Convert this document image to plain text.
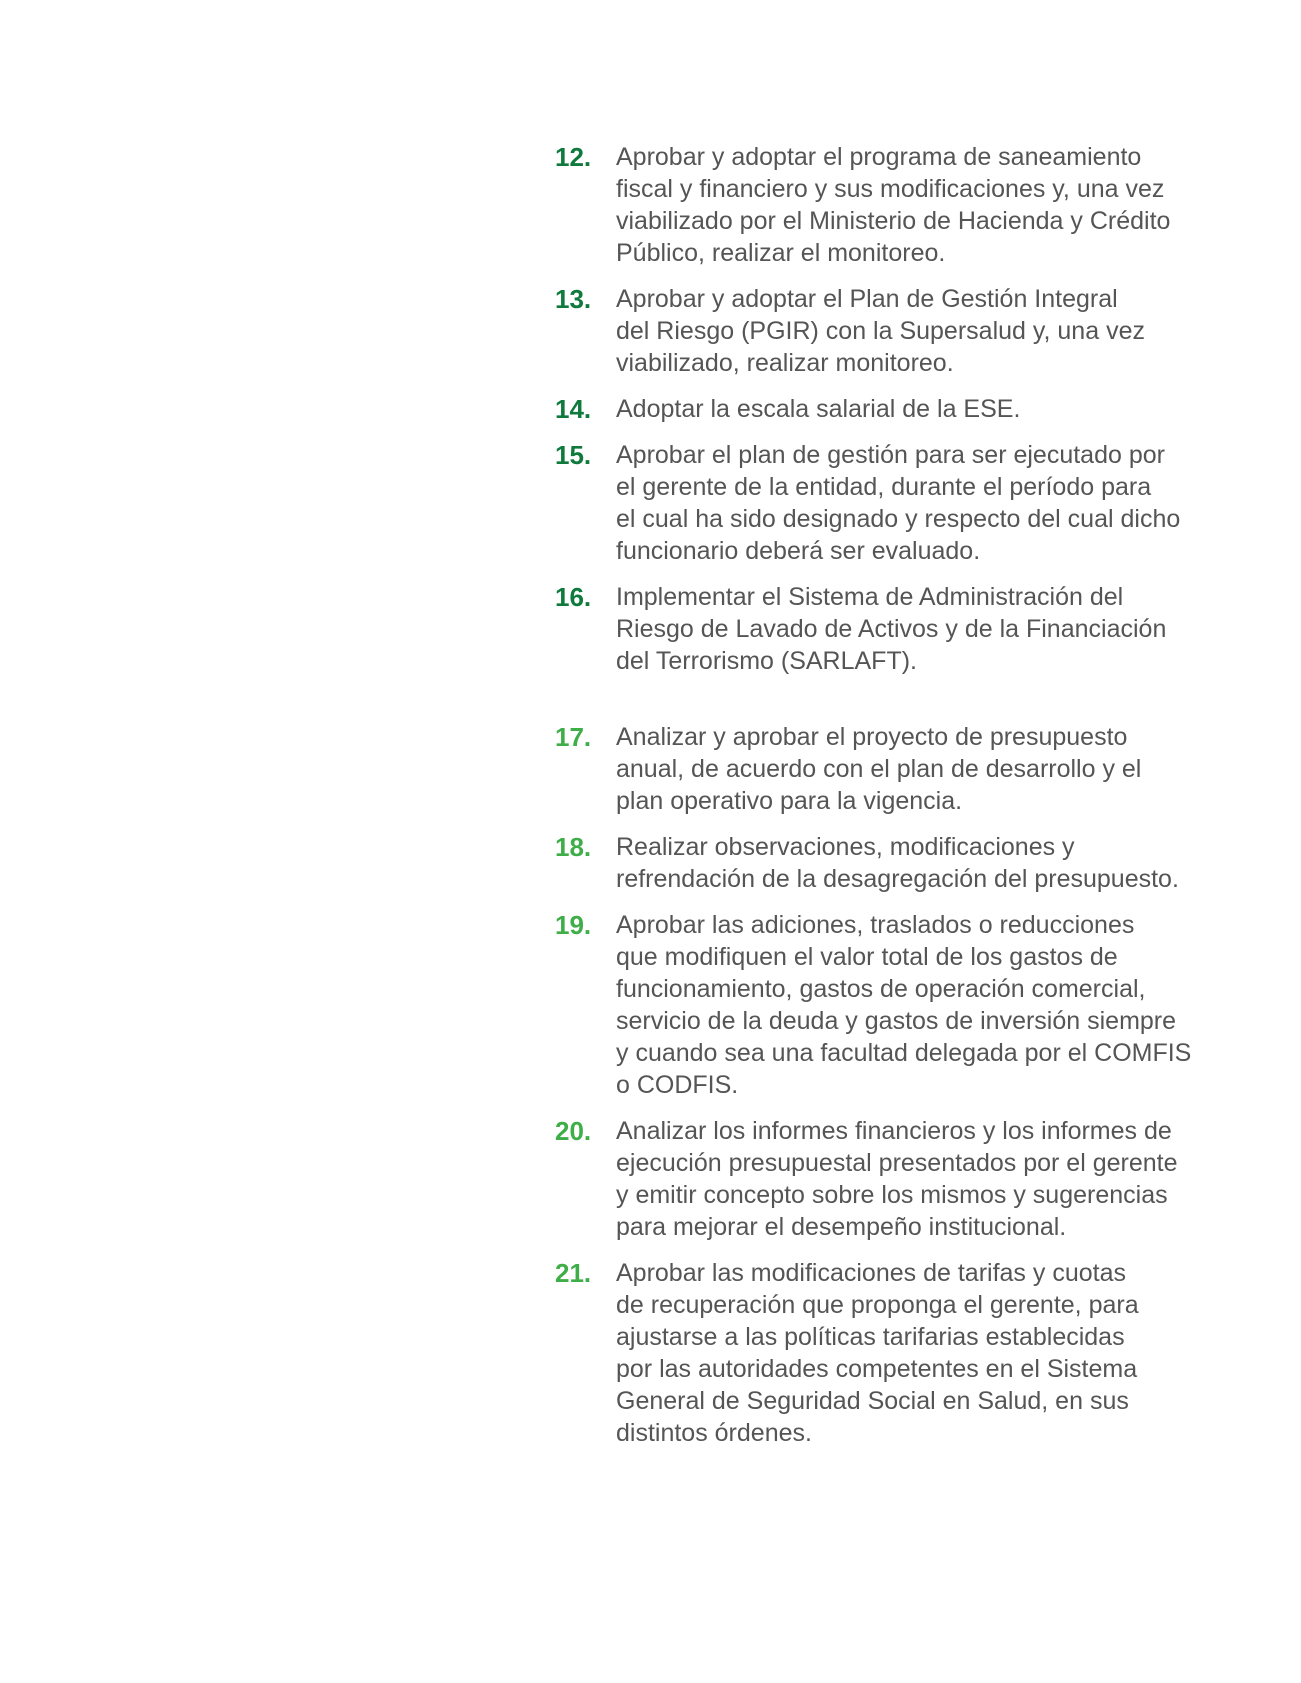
12. Aprobar y adoptar el programa de saneamiento
fiscal y financiero y sus modificaciones y, una vez
viabilizado por el Ministerio de Hacienda y Crédito
Público, realizar el monitoreo.
13. Aprobar y adoptar el Plan de Gestión Integral
del Riesgo (PGIR) con la Supersalud y, una vez
viabilizado, realizar monitoreo.
14. Adoptar la escala salarial de la ESE.
15. Aprobar el plan de gestión para ser ejecutado por
el gerente de la entidad, durante el período para
el cual ha sido designado y respecto del cual dicho
funcionario deberá ser evaluado.
16. Implementar el Sistema de Administración del
Riesgo de Lavado de Activos y de la Financiación
del Terrorismo (SARLAFT).
17. Analizar y aprobar el proyecto de presupuesto
anual, de acuerdo con el plan de desarrollo y el
plan operativo para la vigencia.
18. Realizar observaciones, modificaciones y
refrendación de la desagregación del presupuesto.
19. Aprobar las adiciones, traslados o reducciones
que modifiquen el valor total de los gastos de
funcionamiento, gastos de operación comercial,
servicio de la deuda y gastos de inversión siempre
y cuando sea una facultad delegada por el COMFIS
o CODFIS.
20. Analizar los informes financieros y los informes de
ejecución presupuestal presentados por el gerente
y emitir concepto sobre los mismos y sugerencias
para mejorar el desempeño institucional.
21. Aprobar las modificaciones de tarifas y cuotas
de recuperación que proponga el gerente, para
ajustarse a las políticas tarifarias establecidas
por las autoridades competentes en el Sistema
General de Seguridad Social en Salud, en sus
distintos órdenes.
